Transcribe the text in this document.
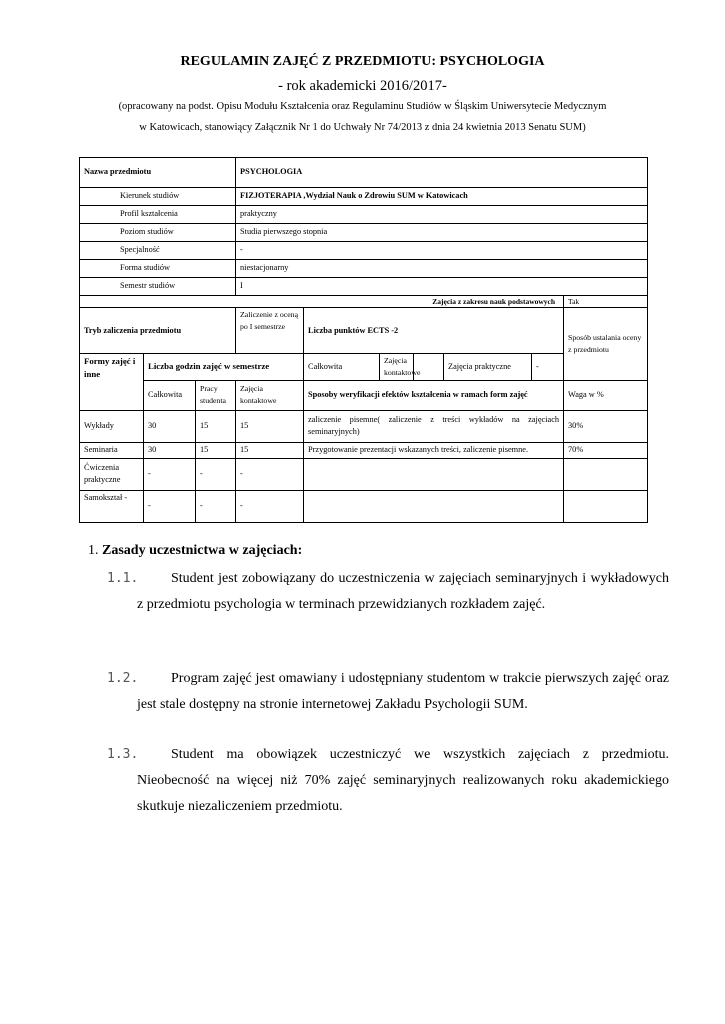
REGULAMIN ZAJĘĆ Z PRZEDMIOTU: PSYCHOLOGIA
- rok akademicki 2016/2017-
(opracowany na podst. Opisu Modułu Kształcenia oraz Regulaminu Studiów w Śląskim Uniwersytecie Medycznym
w Katowicach, stanowiący Załącznik Nr 1 do Uchwały Nr 74/2013 z dnia 24 kwietnia 2013 Senatu SUM)
Nazwa przedmiotu			PSYCHOLOGIA						
Kierunek studiów			FIZJOTERAPIA ,Wydział Nauk o Zdrowiu SUM w Katowicach						
Profil kształcenia			praktyczny						
Poziom studiów			Studia pierwszego stopnia						
Specjalność			-						
Forma studiów			niestacjonarny						
Semestr studiów			I						
Zajęcia z zakresu nauk podstawowych									Tak
Tryb zaliczenia przedmiotu			Zaliczenie z oceną po I semestrze	Liczba punktów ECTS -2					Sposób ustalania oceny z przedmiotu
Formy zajęć i inne	Liczba godzin zajęć w semestrze			Całkowita	Zajęcia kontaktowe		Zajęcia praktyczne	-	
	Całkowita	Pracy studenta	Zajęcia kontaktowe	Sposoby weryfikacji efektów kształcenia w ramach form zajęć					Waga w %
Wykłady	30	15	15	zaliczenie pisemne( zaliczenie z treści wykładów na zajęciach seminaryjnych)					30%
Seminaria	30	15	15	Przygotowanie prezentacji wskazanych treści, zaliczenie pisemne.					70%
Ćwiczenia praktyczne	-	-	-						
Samokształ -	-	-	-						
1. Zasady uczestnictwa w zajęciach:
1.1. Student jest zobowiązany do uczestniczenia w zajęciach seminaryjnych i wykładowych z przedmiotu psychologia w terminach przewidzianych rozkładem zajęć.
1.2. Program zajęć jest omawiany i udostępniany studentom w trakcie pierwszych zajęć oraz jest stale dostępny na stronie internetowej Zakładu Psychologii SUM.
1.3. Student ma obowiązek uczestniczyć we wszystkich zajęciach z przedmiotu. Nieobecność na więcej niż 70% zajęć seminaryjnych realizowanych roku akademickiego skutkuje niezaliczeniem przedmiotu.
